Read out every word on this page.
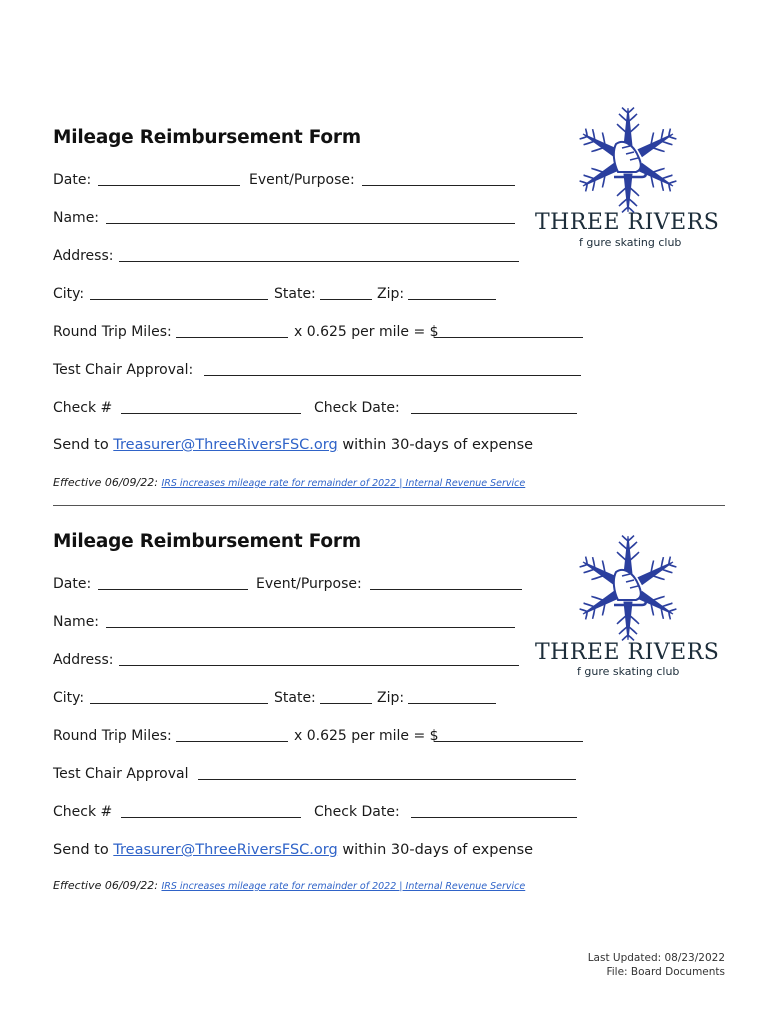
Mileage Reimbursement Form
Date:	Event/Purpose:
Name:
Address:
City:	State:	Zip:
Round Trip Miles:	x 0.625 per mile = $
Test Chair Approval:
Check #	Check Date:
Send to Treasurer@ThreeRiversFSC.org within 30-days of expense
Effective 06/09/22: IRS increases mileage rate for remainder of 2022 | Internal Revenue Service
THREE RIVERS
f gure skating club
Mileage Reimbursement Form
Date:	Event/Purpose:
Name:
Address:
City:	State:	Zip:
Round Trip Miles:	x 0.625 per mile = $
Test Chair Approval
Check #	Check Date:
Send to Treasurer@ThreeRiversFSC.org within 30-days of expense
Effective 06/09/22: IRS increases mileage rate for remainder of 2022 | Internal Revenue Service
THREE RIVERS
f gure skating club
Last Updated: 08/23/2022
File: Board Documents
